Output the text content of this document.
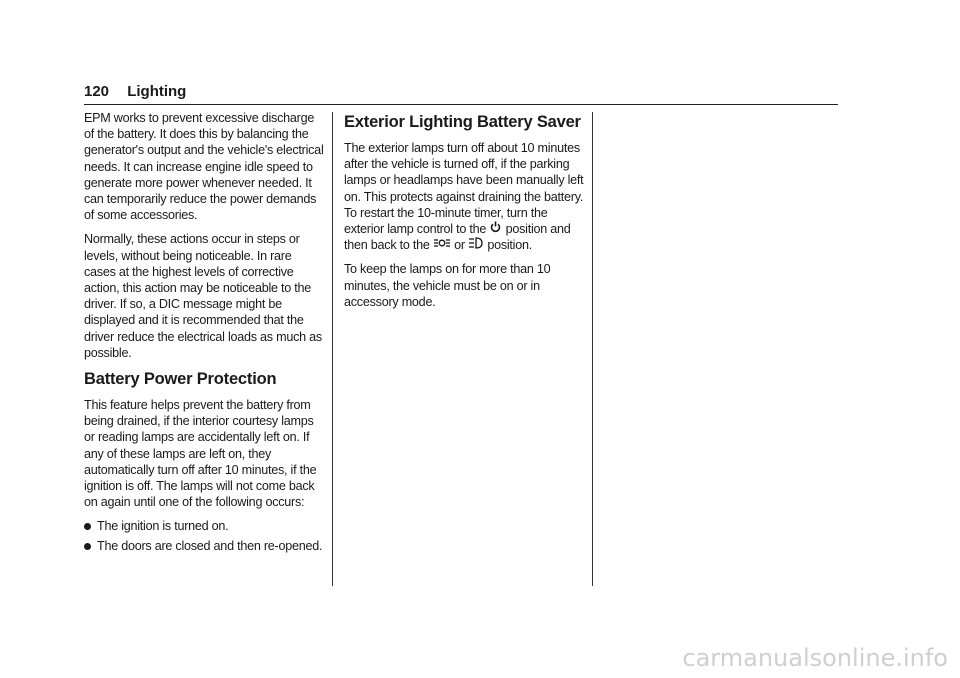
120 Lighting

EPM works to prevent excessive discharge of the battery. It does this by balancing the generator's output and the vehicle's electrical needs. It can increase engine idle speed to generate more power whenever needed. It can temporarily reduce the power demands of some accessories.

Normally, these actions occur in steps or levels, without being noticeable. In rare cases at the highest levels of corrective action, this action may be noticeable to the driver. If so, a DIC message might be displayed and it is recommended that the driver reduce the electrical loads as much as possible.

Battery Power Protection

This feature helps prevent the battery from being drained, if the interior courtesy lamps or reading lamps are accidentally left on. If any of these lamps are left on, they automatically turn off after 10 minutes, if the ignition is off. The lamps will not come back on again until one of the following occurs:

The ignition is turned on.
The doors are closed and then re-opened.
Exterior Lighting Battery Saver

The exterior lamps turn off about 10 minutes after the vehicle is turned off, if the parking lamps or headlamps have been manually left on. This protects against draining the battery. To restart the 10-minute timer, turn the exterior lamp control to the position and then back to the or position.

To keep the lamps on for more than 10 minutes, the vehicle must be on or in accessory mode.

carmanualsonline.info
